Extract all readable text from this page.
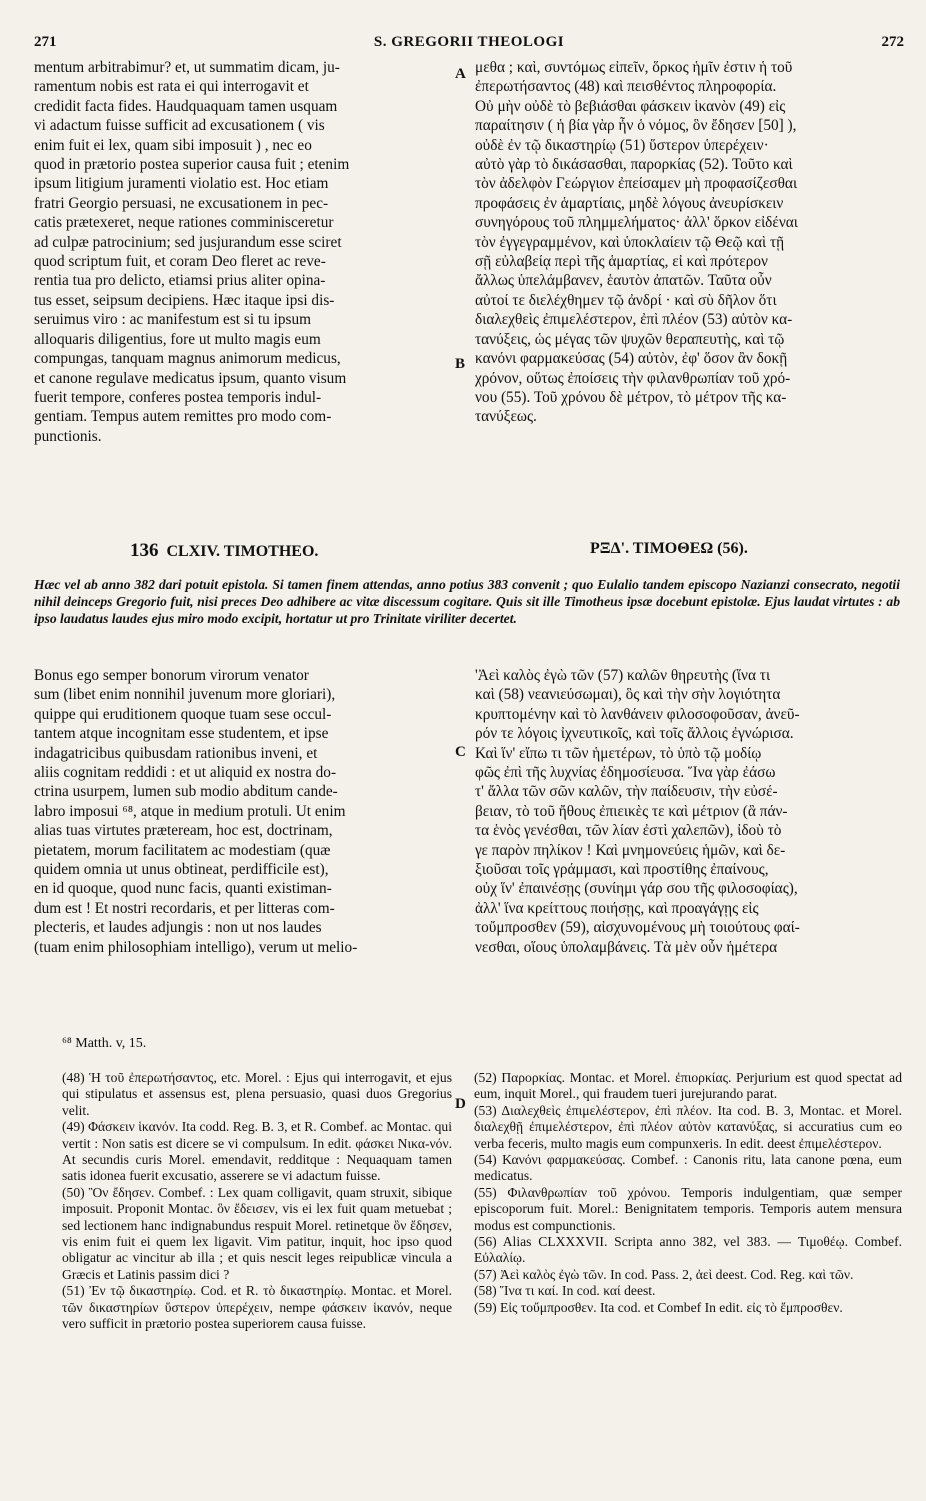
271	S. GREGORII THEOLOGI	272

mentum arbitrabimur? et, ut summatim dicam, ju-

ramentum nobis est rata ei qui interrogavit et

credidit facta fides. Haudquaquam tamen usquam

vi adactum fuisse sufficit ad excusationem ( vis

enim fuit ei lex, quam sibi imposuit ) , nec eo

quod in prætorio postea superior causa fuit ; etenim

ipsum litigium juramenti violatio est. Hoc etiam

fratri Georgio persuasi, ne excusationem in pec-

catis prætexeret, neque rationes comminisceretur

ad culpæ patrocinium; sed jusjurandum esse sciret

quod scriptum fuit, et coram Deo fleret ac reve-

rentia tua pro delicto, etiamsi prius aliter opina-

tus esset, seipsum decipiens. Hæc itaque ipsi dis-

seruimus viro : ac manifestum est si tu ipsum

alloquaris diligentius, fore ut multo magis eum

compungas, tanquam magnus animorum medicus,

et canone regulave medicatus ipsum, quanto visum

fuerit tempore, conferes postea temporis indul-

gentiam. Tempus autem remittes pro modo com-

punctionis.

μεθα ; καὶ, συντόμως εἰπεῖν, ὅρκος ἡμῖν ἐστιν ἡ τοῦ

ἐπερωτήσαντος (48) καὶ πεισθέντος πληροφορία.

Οὐ μὴν οὐδὲ τὸ βεβιάσθαι φάσκειν ἱκανὸν (49) εἰς

παραίτησιν ( ἡ βία γὰρ ἦν ὁ νόμος, ὃν ἔδησεν [50] ),

οὐδὲ ἐν τῷ δικαστηρίῳ (51) ὕστερον ὑπερέχειν·

αὐτὸ γὰρ τὸ δικάσασθαι, παρορκίας (52). Τοῦτο καὶ

τὸν ἀδελφὸν Γεώργιον ἐπείσαμεν μὴ προφασίζεσθαι

προφάσεις ἐν ἁμαρτίαις, μηδὲ λόγους ἀνευρίσκειν

συνηγόρους τοῦ πλημμελήματος· ἀλλ' ὅρκον εἰδέναι

τὸν ἐγγεγραμμένον, καὶ ὑποκλαίειν τῷ Θεῷ καὶ τῇ

σῇ εὐλαβείᾳ περὶ τῆς ἁμαρτίας, εἰ καὶ πρότερον

ἄλλως ὑπελάμβανεν, ἑαυτὸν ἀπατῶν. Ταῦτα οὖν

αὐτοί τε διελέχθημεν τῷ ἀνδρί · καὶ σὺ δῆλον ὅτι

διαλεχθεὶς ἐπιμελέστερον, ἐπὶ πλέον (53) αὐτὸν κα-

τανύξεις, ὡς μέγας τῶν ψυχῶν θεραπευτὴς, καὶ τῷ

κανόνι φαρμακεύσας (54) αὐτὸν, ἐφ' ὅσον ἂν δοκῇ

χρόνον, οὕτως ἐποίσεις τὴν φιλανθρωπίαν τοῦ χρό-

νου (55). Τοῦ χρόνου δὲ μέτρον, τὸ μέτρον τῆς κα-

τανύξεως.

A
B
136 CLXIV. TIMOTHEO.	ΡΞΔ'. ΤΙΜΟΘΕΩ (56).
Hæc vel ab anno 382 dari potuit epistola. Si tamen finem attendas, anno potius 383 convenit ; quo Eulalio tandem episcopo Nazianzi consecrato, negotii nihil deinceps Gregorio fuit, nisi preces Deo adhibere ac vitæ discessum cogitare. Quis sit ille Timotheus ipsæ docebunt epistolæ. Ejus laudat virtutes : ab ipso laudatus laudes ejus miro modo excipit, hortatur ut pro Trinitate viriliter decertet.

Bonus ego semper bonorum virorum venator

sum (libet enim nonnihil juvenum more gloriari),

quippe qui eruditionem quoque tuam sese occul-

tantem atque incognitam esse studentem, et ipse

indagatricibus quibusdam rationibus inveni, et

aliis cognitam reddidi : et ut aliquid ex nostra do-

ctrina usurpem, lumen sub modio abditum cande-

labro imposui ⁶⁸, atque in medium protuli. Ut enim

alias tuas virtutes præteream, hoc est, doctrinam,

pietatem, morum facilitatem ac modestiam (quæ

quidem omnia ut unus obtineat, perdifficile est),

en id quoque, quod nunc facis, quanti existiman-

dum est ! Et nostri recordaris, et per litteras com-

plecteris, et laudes adjungis : non ut nos laudes

(tuam enim philosophiam intelligo), verum ut melio-

'Ἀεὶ καλὸς ἐγὼ τῶν (57) καλῶν θηρευτὴς (ἵνα τι

καὶ (58) νεανιεύσωμαι), ὃς καὶ τὴν σὴν λογιότητα

κρυπτομένην καὶ τὸ λανθάνειν φιλοσοφοῦσαν, ἀνεῦ-

ρόν τε λόγοις ἰχνευτικοῖς, καὶ τοῖς ἄλλοις ἐγνώρισα.

Καὶ ἵν' εἴπω τι τῶν ἡμετέρων, τὸ ὑπὸ τῷ μοδίῳ

φῶς ἐπὶ τῆς λυχνίας ἐδημοσίευσα. Ἵνα γὰρ ἐάσω

τ' ἄλλα τῶν σῶν καλῶν, τὴν παίδευσιν, τὴν εὐσέ-

βειαν, τὸ τοῦ ἤθους ἐπιεικὲς τε καὶ μέτριον (ἃ πάν-

τα ἑνὸς γενέσθαι, τῶν λίαν ἐστὶ χαλεπῶν), ἰδοὺ τὸ

γε παρὸν πηλίκον ! Καὶ μνημονεύεις ἡμῶν, καὶ δε-

ξιοῦσαι τοῖς γράμμασι, καὶ προστίθης ἐπαίνους,

οὐχ ἵν' ἐπαινέσῃς (συνίημι γάρ σου τῆς φιλοσοφίας),

ἀλλ' ἵνα κρείττους ποιήσῃς, καὶ προαγάγῃς εἰς

τοὔμπροσθεν (59), αἰσχυνομένους μὴ τοιούτους φαί-

νεσθαι, οἵους ὑπολαμβάνεις. Τὰ μὲν οὖν ἡμέτερα

C
⁶⁸ Matth. v, 15.

(48) Ἡ τοῦ ἐπερωτήσαντος, etc. Morel. : Ejus qui interrogavit, et ejus qui stipulatus et assensus est, plena persuasio, quasi duos Gregorius velit.

(49) Φάσκειν ἱκανόν. Ita codd. Reg. B. 3, et R. Combef. ac Montac. qui vertit : Non satis est dicere se vi compulsum. In edit. φάσκει Νικα-νόν. At secundis curis Morel. emendavit, redditque : Nequaquam tamen satis idonea fuerit excusatio, asserere se vi adactum fuisse.

(50) Ὃν ἔδησεν. Combef. : Lex quam colligavit, quam struxit, sibique imposuit. Proponit Montac. ὃν ἔδεισεν, vis ei lex fuit quam metuebat ; sed lectionem hanc indignabundus respuit Morel. retinetque ὃν ἔδησεν, vis enim fuit ei quem lex ligavit. Vim patitur, inquit, hoc ipso quod obligatur ac vincitur ab illa ; et quis nescit leges reipublicæ vincula a Græcis et Latinis passim dici ?

(51) Ἐν τῷ δικαστηρίῳ. Cod. et R. τὸ δικαστηρίῳ. Montac. et Morel. τῶν δικαστηρίων ὕστερον ὑπερέχειν, nempe φάσκειν ἱκανόν, neque vero sufficit in prætorio postea superiorem causa fuisse.

(52) Παρορκίας. Montac. et Morel. ἐπιορκίας. Perjurium est quod spectat ad eum, inquit Morel., qui fraudem tueri jurejurando parat.

(53) Διαλεχθεὶς ἐπιμελέστερον, ἐπὶ πλέον. Ita cod. B. 3, Montac. et Morel. διαλεχθῇ ἐπιμελέστερον, ἐπὶ πλέον αὐτὸν κατανύξας, si accuratius cum eo verba feceris, multo magis eum compunxeris. In edit. deest ἐπιμελέστερον.

(54) Κανόνι φαρμακεύσας. Combef. : Canonis ritu, lata canone pœna, eum medicatus.

(55) Φιλανθρωπίαν τοῦ χρόνου. Temporis indulgentiam, quæ semper episcoporum fuit. Morel.: Benignitatem temporis. Temporis autem mensura modus est compunctionis.

(56) Alias CLXXXVII. Scripta anno 382, vel 383. — Τιμοθέῳ. Combef. Εὐλαλίῳ.

(57) Ἀεὶ καλὸς ἐγὼ τῶν. In cod. Pass. 2, ἀεὶ deest. Cod. Reg. καὶ τῶν.

(58) Ἵνα τι καί. In cod. καί deest.

(59) Εἰς τοὔμπροσθεν. Ita cod. et Combef In edit. εἰς τὸ ἔμπροσθεν.

D
